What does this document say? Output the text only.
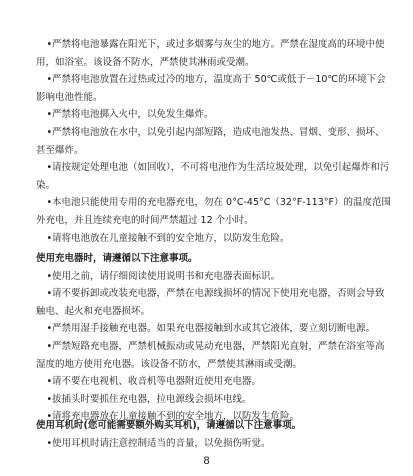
•严禁将电池暴露在阳光下，或过多烟雾与灰尘的地方。严禁在湿度高的环境中使用，如浴室。该设备不防水，严禁使其淋雨或受潮。

•严禁将电池放置在过热或过冷的地方，温度高于 50℃或低于－10℃的环境下会影响电池性能。

•严禁将电池掷入火中，以免发生爆炸。

•严禁将电池放在水中，以免引起内部短路，造成电池发热、冒烟、变形、损坏、甚至爆炸。

•请按规定处理电池（如回收），不可将电池作为生活垃圾处理，以免引起爆炸和污染。

•本电池只能使用专用的充电器充电，勿在 0°C-45°C（32°F-113°F）的温度范围外充电，并且连续充电的时间严禁超过 12 个小时。

•请将电池放在儿童接触不到的安全地方，以防发生危险。

使用充电器时，请遵循以下注意事项。

•使用之前，请仔细阅读使用说明书和充电器表面标识。

•请不要拆卸或改装充电器，严禁在电源线损坏的情况下使用充电器，否则会导致触电、起火和充电器损坏。

•严禁用湿手接触充电器。如果充电器接触到水或其它液体，要立刻切断电源。

•严禁短路充电器，严禁机械振动或晃动充电器，严禁阳光直射，严禁在浴室等高湿度的地方使用充电器。该设备不防水，严禁使其淋雨或受潮。

•请不要在电视机、收音机等电器附近使用充电器。

•拔插头时要抓住充电器，拉电源线会损坏电线。

•请将充电器放在儿童接触不到的安全地方，以防发生危险。

使用耳机时(您可能需要额外购买耳机)，请遵循以下注意事项。

•使用耳机时请注意控制适当的音量，以免损伤听觉。

8
